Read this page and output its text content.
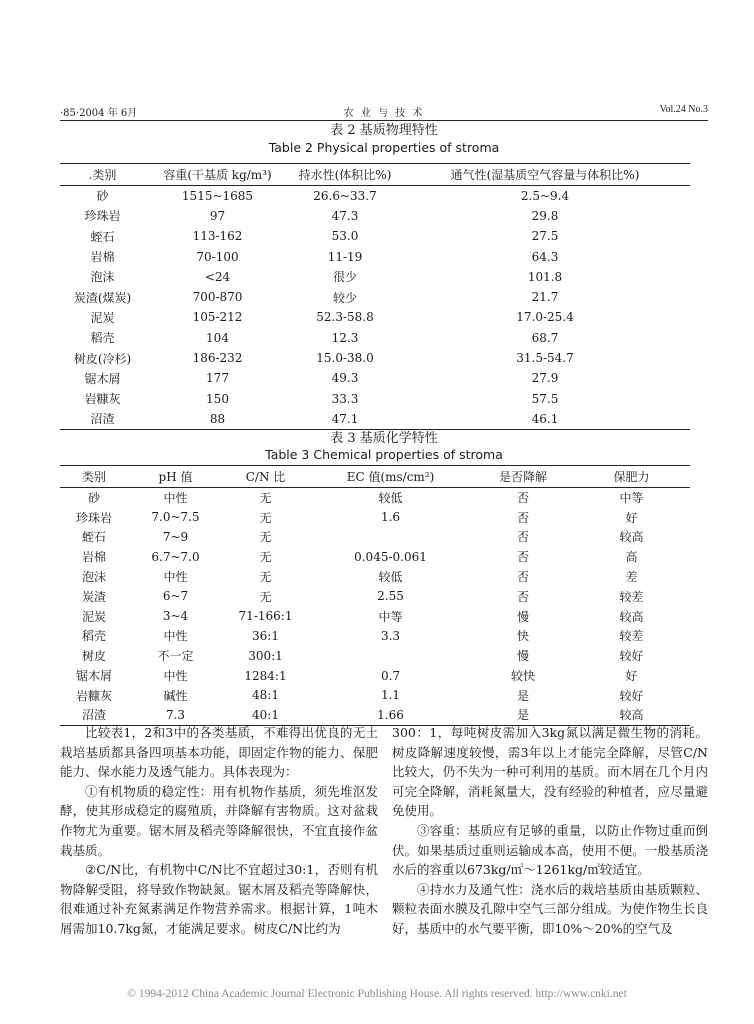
·85·2004 年 6月	农 业 与 技 术	Vol.24 No.3
表 2 基质物理特性
Table 2 Physical properties of stroma
.类别	容重(干基质 kg/m³)	持水性(体积比%)	通气性(湿基质空气容量与体积比%)
砂	1515~1685	26.6~33.7	2.5~9.4
珍珠岩	97	47.3	29.8
蛭石	113-162	53.0	27.5
岩棉	70-100	11-19	64.3
泡沫	<24	很少	101.8
炭渣(煤炭)	700-870	较少	21.7
泥炭	105-212	52.3-58.8	17.0-25.4
稻壳	104	12.3	68.7
树皮(冷杉)	186-232	15.0-38.0	31.5-54.7
锯木屑	177	49.3	27.9
岩糠灰	150	33.3	57.5
沼渣	88	47.1	46.1
表 3 基质化学特性
Table 3 Chemical properties of stroma
类别	pH 值	C/N 比	EC 值(ms/cm²)	是否降解	保肥力
砂	中性	无	较低	否	中等
珍珠岩	7.0~7.5	无	1.6	否	好
蛭石	7~9	无		否	较高
岩棉	6.7~7.0	无	0.045-0.061	否	高
泡沫	中性	无	较低	否	差
炭渣	6~7	无	2.55	否	较差
泥炭	3~4	71-166:1	中等	慢	较高
稻壳	中性	36:1	3.3	快	较差
树皮	不一定	300:1		慢	较好
锯木屑	中性	1284:1	0.7	较快	好
岩糠灰	碱性	48:1	1.1	是	较好
沼渣	7.3	40:1	1.66	是	较高

比较表1，2和3中的各类基质，不难得出优良的无土栽培基质都具备四项基本功能，即固定作物的能力、保肥能力、保水能力及透气能力。具体表现为：

①有机物质的稳定性：用有机物作基质，须先堆沤发酵，使其形成稳定的腐殖质，并降解有害物质。这对盆栽作物尤为重要。锯木屑及稻壳等降解很快，不宜直接作盆栽基质。

②C/N比，有机物中C/N比不宜超过30:1，否则有机物降解受阻，将导致作物缺氮。锯木屑及稻壳等降解快，很难通过补充氮素满足作物营养需求。根据计算，1吨木屑需加10.7kg氮，才能满足要求。树皮C/N比约为

300：1，每吨树皮需加入3kg氮以满足微生物的消耗。树皮降解速度较慢，需3年以上才能完全降解，尽管C/N比较大，仍不失为一种可利用的基质。而木屑在几个月内可完全降解，消耗氮量大，没有经验的种植者，应尽量避免使用。

③容重：基质应有足够的重量，以防止作物过重而倒伏。如果基质过重则运输成本高，使用不便。一般基质浇水后的容重以673kg/㎡～1261kg/㎡较适宜。

④持水力及通气性：浇水后的栽培基质由基质颗粒、颗粒表面水膜及孔隙中空气三部分组成。为使作物生长良好，基质中的水气要平衡，即10%～20%的空气及

© 1994-2012 China Academic Journal Electronic Publishing House. All rights reserved. http://www.cnki.net
